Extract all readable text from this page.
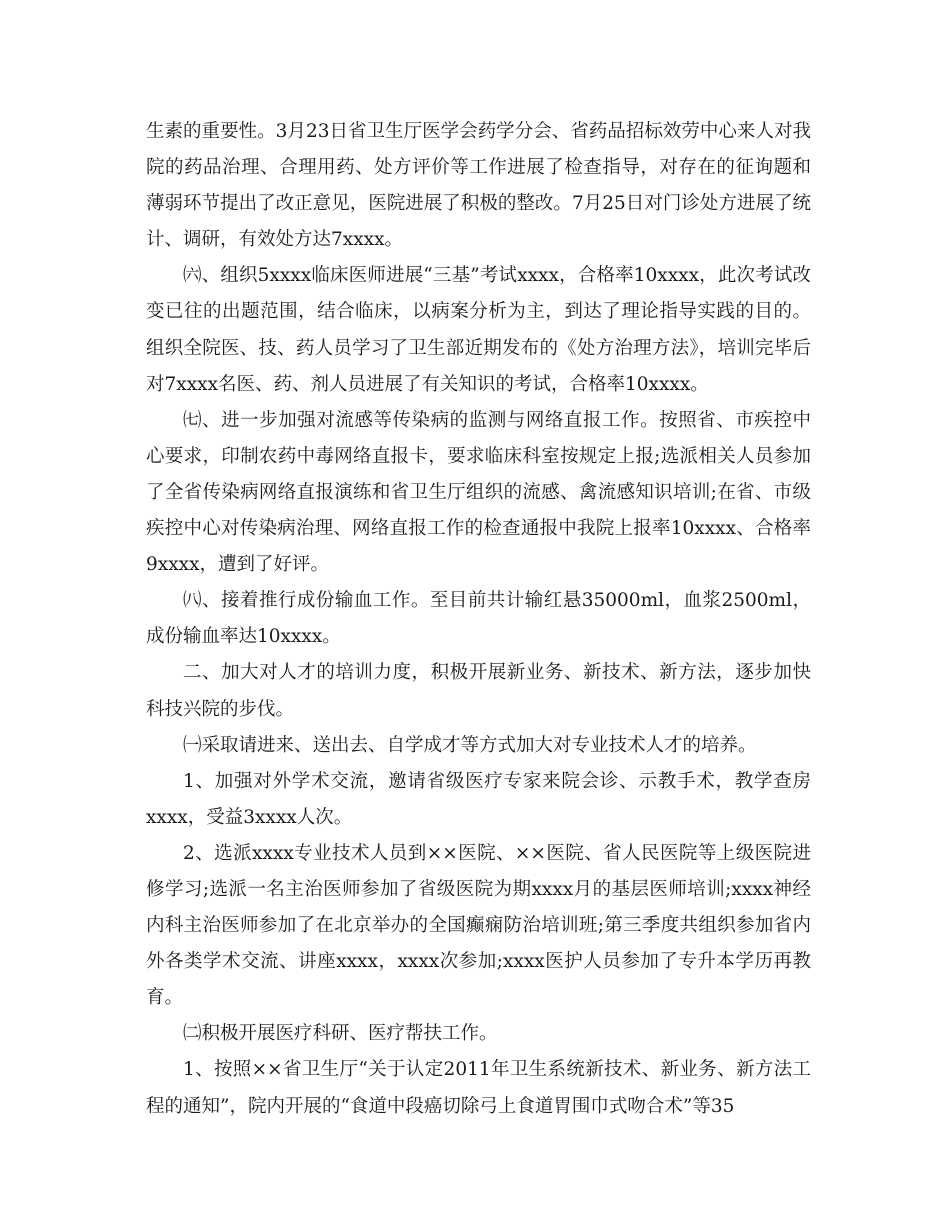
生素的重要性。3月23日省卫生厅医学会药学分会、省药品招标效劳中心来人对我院的药品治理、合理用药、处方评价等工作进展了检查指导，对存在的征询题和薄弱环节提出了改正意见，医院进展了积极的整改。7月25日对门诊处方进展了统计、调研，有效处方达7xxxx。

㈥、组织5xxxx临床医师进展“三基”考试xxxx，合格率10xxxx，此次考试改变已往的出题范围，结合临床，以病案分析为主，到达了理论指导实践的目的。组织全院医、技、药人员学习了卫生部近期发布的《处方治理方法》，培训完毕后对7xxxx名医、药、剂人员进展了有关知识的考试，合格率10xxxx。

㈦、进一步加强对流感等传染病的监测与网络直报工作。按照省、市疾控中心要求，印制农药中毒网络直报卡，要求临床科室按规定上报;选派相关人员参加了全省传染病网络直报演练和省卫生厅组织的流感、禽流感知识培训;在省、市级疾控中心对传染病治理、网络直报工作的检查通报中我院上报率10xxxx、合格率9xxxx，遭到了好评。

㈧、接着推行成份输血工作。至目前共计输红悬35000ml，血浆2500ml，成份输血率达10xxxx。

二、加大对人才的培训力度，积极开展新业务、新技术、新方法，逐步加快科技兴院的步伐。

㈠采取请进来、送出去、自学成才等方式加大对专业技术人才的培养。

1、加强对外学术交流，邀请省级医疗专家来院会诊、示教手术，教学查房xxxx，受益3xxxx人次。

2、选派xxxx专业技术人员到××医院、××医院、省人民医院等上级医院进修学习;选派一名主治医师参加了省级医院为期xxxx月的基层医师培训;xxxx神经内科主治医师参加了在北京举办的全国癫痫防治培训班;第三季度共组织参加省内外各类学术交流、讲座xxxx，xxxx次参加;xxxx医护人员参加了专升本学历再教育。

㈡积极开展医疗科研、医疗帮扶工作。

1、按照××省卫生厅“关于认定2011年卫生系统新技术、新业务、新方法工程的通知”，院内开展的“食道中段癌切除弓上食道胃围巾式吻合术”等35
